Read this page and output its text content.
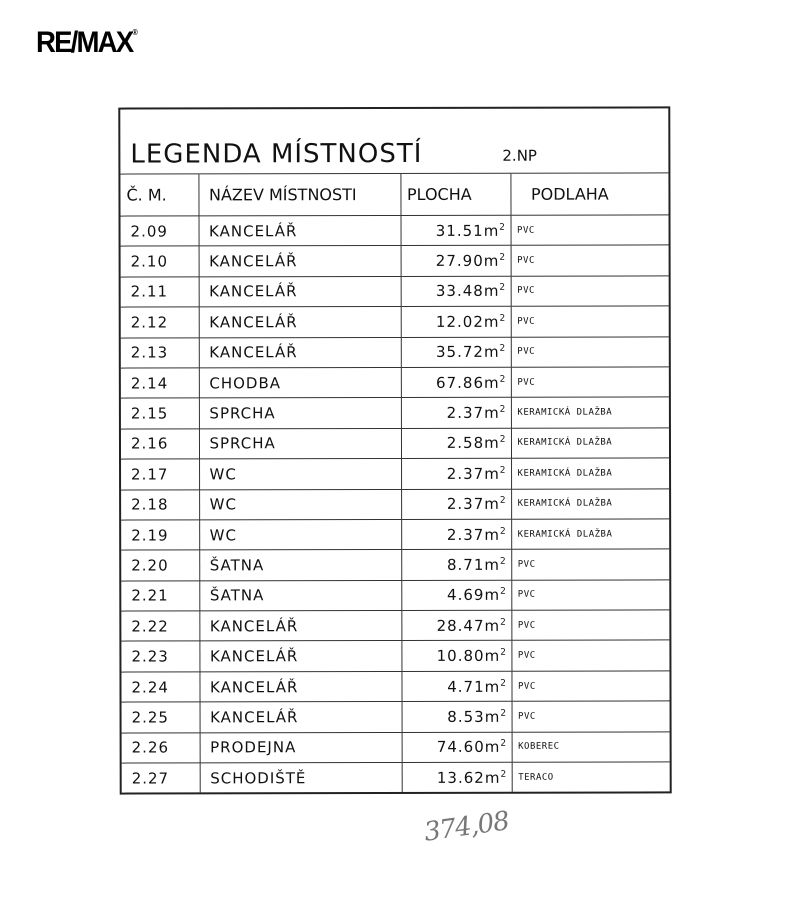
RE/MAX®
LEGENDA MÍSTNOSTÍ	2.NP
Č. M.	NÁZEV MÍSTNOSTI	PLOCHA	PODLAHA
2.09	KANCELÁŘ	$31.51m^2$	PVC
2.10	KANCELÁŘ	$27.90m^2$	PVC
2.11	KANCELÁŘ	$33.48m^2$	PVC
2.12	KANCELÁŘ	$12.02m^2$	PVC
2.13	KANCELÁŘ	$35.72m^2$	PVC
2.14	CHODBA	$67.86m^2$	PVC
2.15	SPRCHA	$2.37m^2$	KERAMICKÁ DLAŽBA
2.16	SPRCHA	$2.58m^2$	KERAMICKÁ DLAŽBA
2.17	WC	$2.37m^2$	KERAMICKÁ DLAŽBA
2.18	WC	$2.37m^2$	KERAMICKÁ DLAŽBA
2.19	WC	$2.37m^2$	KERAMICKÁ DLAŽBA
2.20	ŠATNA	$8.71m^2$	PVC
2.21	ŠATNA	$4.69m^2$	PVC
2.22	KANCELÁŘ	$28.47m^2$	PVC
2.23	KANCELÁŘ	$10.80m^2$	PVC
2.24	KANCELÁŘ	$4.71m^2$	PVC
2.25	KANCELÁŘ	$8.53m^2$	PVC
2.26	PRODEJNA	$74.60m^2$	KOBEREC
2.27	SCHODIŠTĚ	$13.62m^2$	TERACO
374,08
